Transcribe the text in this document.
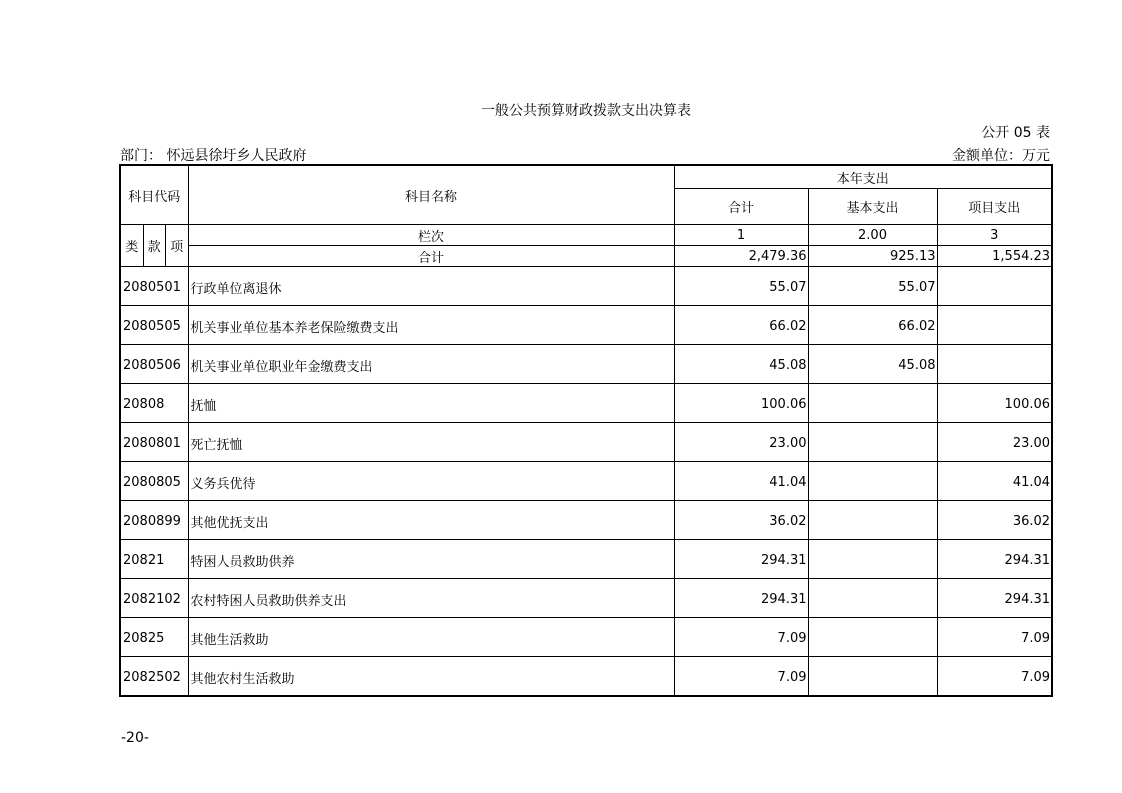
一般公共预算财政拨款支出决算表
公开 05 表
部门： 怀远县徐圩乡人民政府	金额单位：万元
科目代码	科目名称	本年支出		
		合计	基本支出	项目支出

类 款 项	栏次	1	2.00	3
	合计	2,479.36	925.13	1,554.23
2080501	行政单位离退休	55.07	55.07	
2080505	机关事业单位基本养老保险缴费支出	66.02	66.02	
2080506	机关事业单位职业年金缴费支出	45.08	45.08	
20808	抚恤	100.06		100.06
2080801	死亡抚恤	23.00		23.00
2080805	义务兵优待	41.04		41.04
2080899	其他优抚支出	36.02		36.02
20821	特困人员救助供养	294.31		294.31
2082102	农村特困人员救助供养支出	294.31		294.31
20825	其他生活救助	7.09		7.09
2082502	其他农村生活救助	7.09		7.09
-20-
